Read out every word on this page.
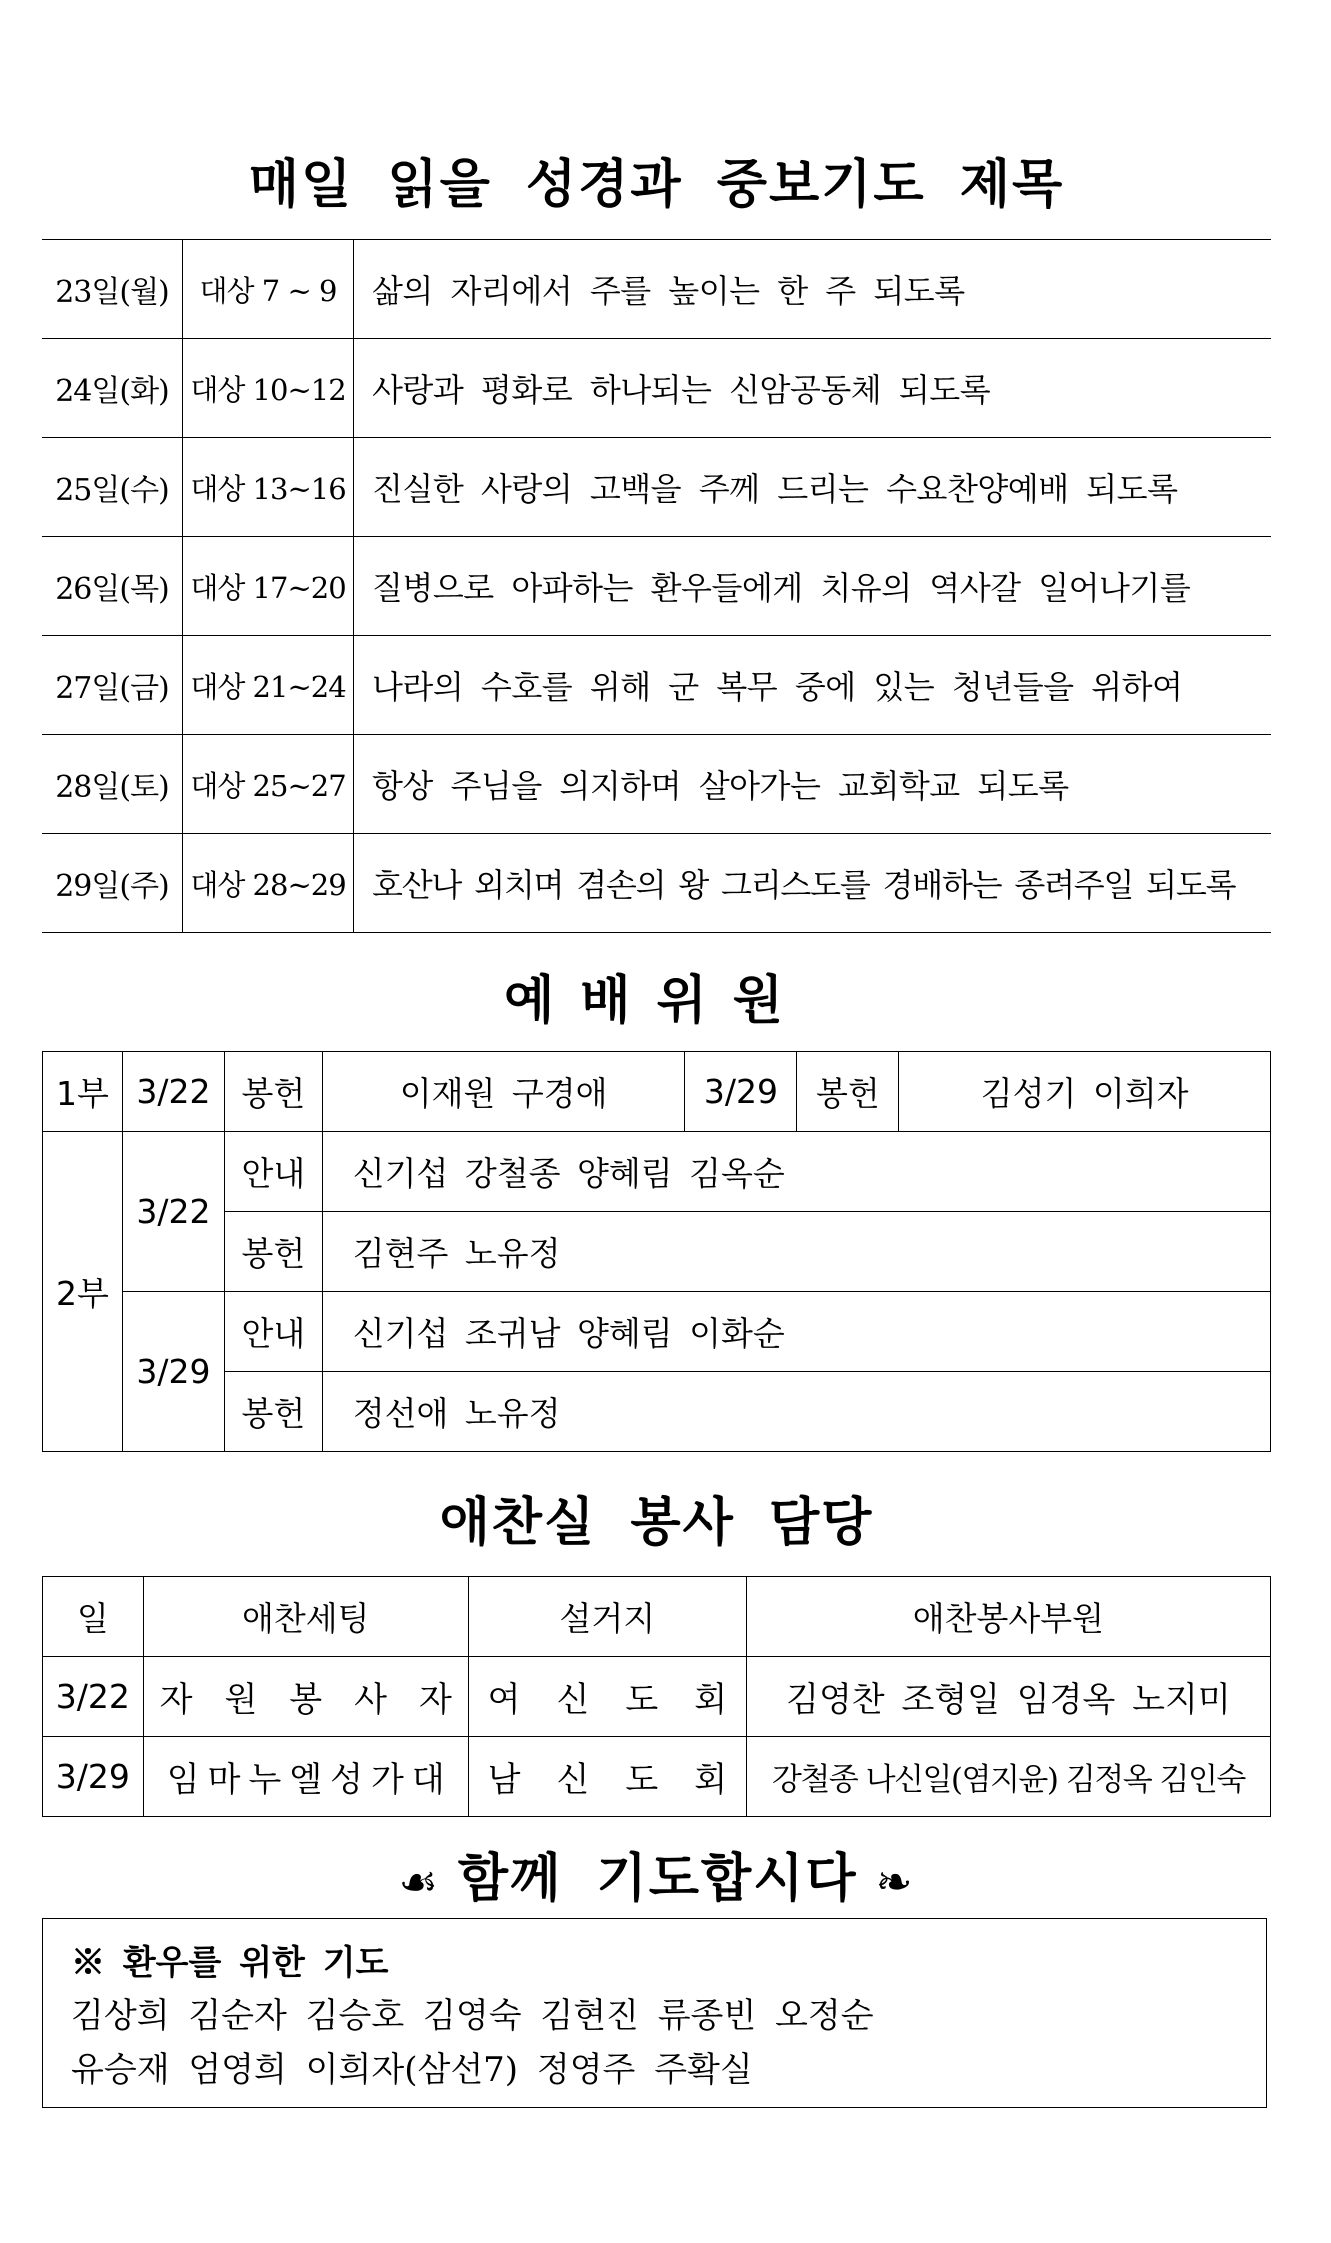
매일 읽을 성경과 중보기도 제목
23일(월)	대상 7 ~ 9	삶의 자리에서 주를 높이는 한 주 되도록
24일(화)	대상 10~12	사랑과 평화로 하나되는 신암공동체 되도록
25일(수)	대상 13~16	진실한 사랑의 고백을 주께 드리는 수요찬양예배 되도록
26일(목)	대상 17~20	질병으로 아파하는 환우들에게 치유의 역사갈 일어나기를
27일(금)	대상 21~24	나라의 수호를 위해 군 복무 중에 있는 청년들을 위하여
28일(토)	대상 25~27	항상 주님을 의지하며 살아가는 교회학교 되도록
29일(주)	대상 28~29	호산나 외치며 겸손의 왕 그리스도를 경배하는 종려주일 되도록
예배위원
1부	3/22	봉헌	이재원 구경애	3/29	봉헌	김성기 이희자
2부	3/22	안내	신기섭 강철종 양혜림 김옥순			
		봉헌	김현주 노유정			
	3/29	안내	신기섭 조귀남 양혜림 이화순			
		봉헌	정선애 노유정			
애찬실 봉사 담당
일	애찬세팅	설거지	애찬봉사부원
3/22	자 원 봉 사 자	여 신 도 회	김영찬 조형일 임경옥 노지미
3/29	임 마 누 엘 성 가 대	남 신 도 회	강철종 나신일(염지윤) 김정옥 김인숙
☙ 함께 기도합시다 ❧
※ 환우를 위한 기도
김상희 김순자 김승호 김영숙 김현진 류종빈 오정순
유승재 엄영희 이희자(삼선7) 정영주 주확실
